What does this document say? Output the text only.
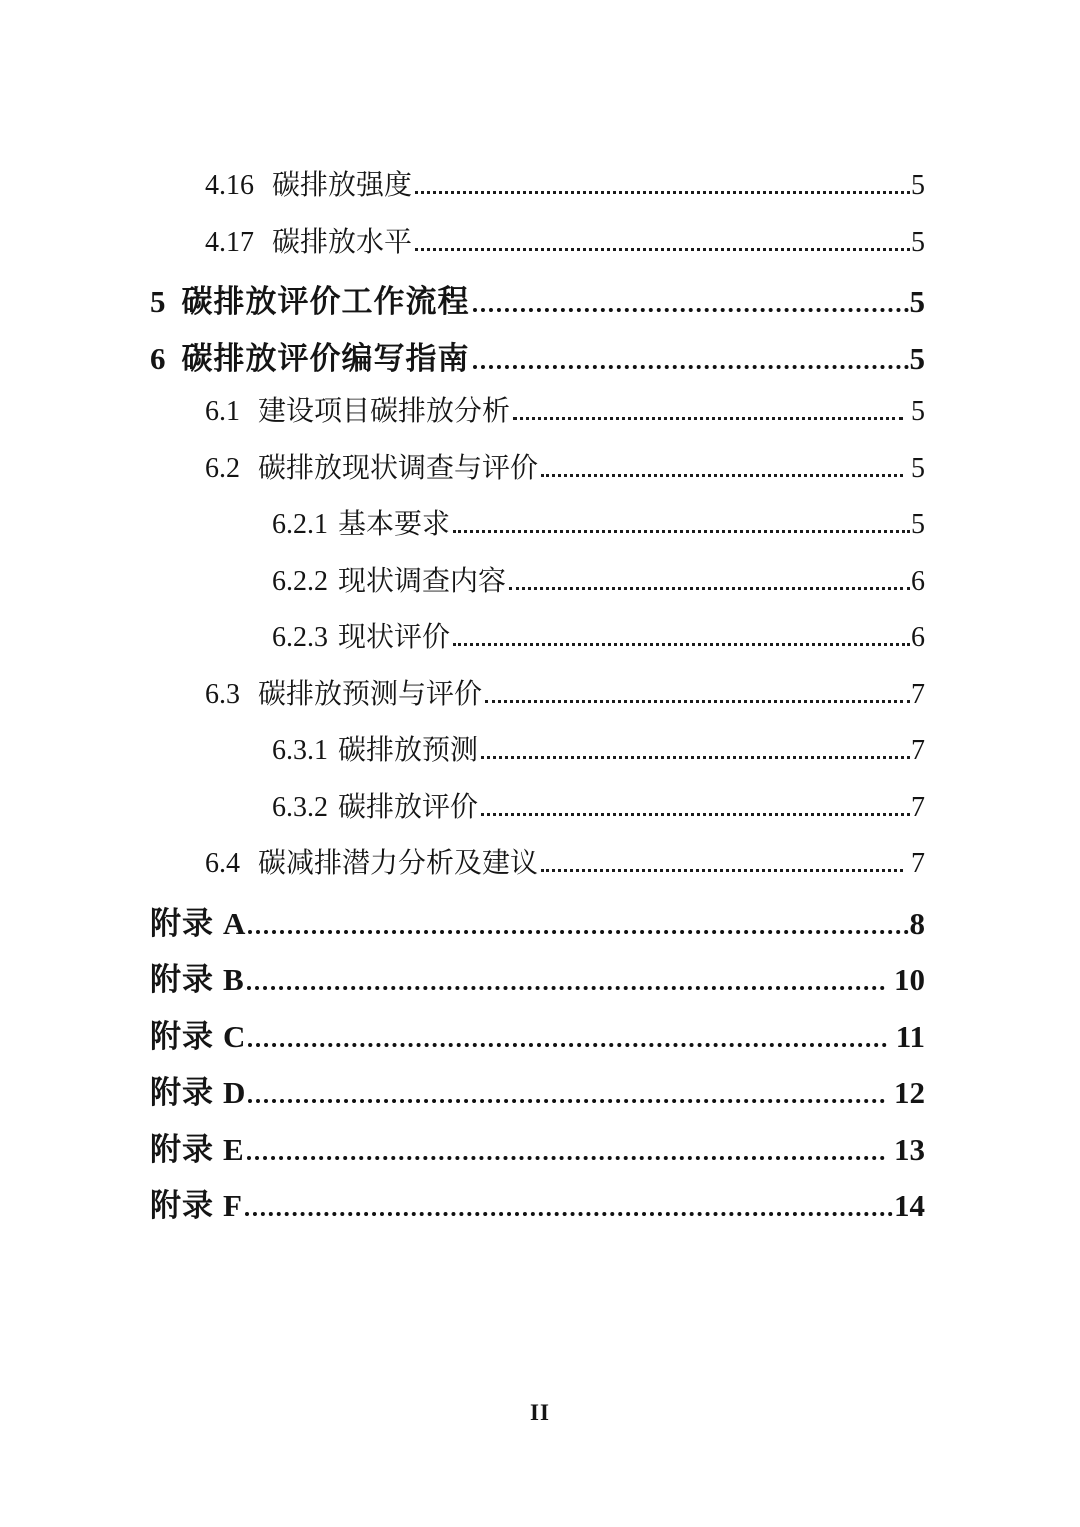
4.16 碳排放强度	5
4.17 碳排放水平	5
5 碳排放评价工作流程	5
6 碳排放评价编写指南	5
6.1 建设项目碳排放分析	5
6.2 碳排放现状调查与评价	5
6.2.1 基本要求	5
6.2.2 现状调查内容	6
6.2.3 现状评价	6
6.3 碳排放预测与评价	7
6.3.1 碳排放预测	7
6.3.2 碳排放评价	7
6.4 碳减排潜力分析及建议	7
附录 A	8
附录 B	10
附录 C	11
附录 D	12
附录 E	13
附录 F	14
II
